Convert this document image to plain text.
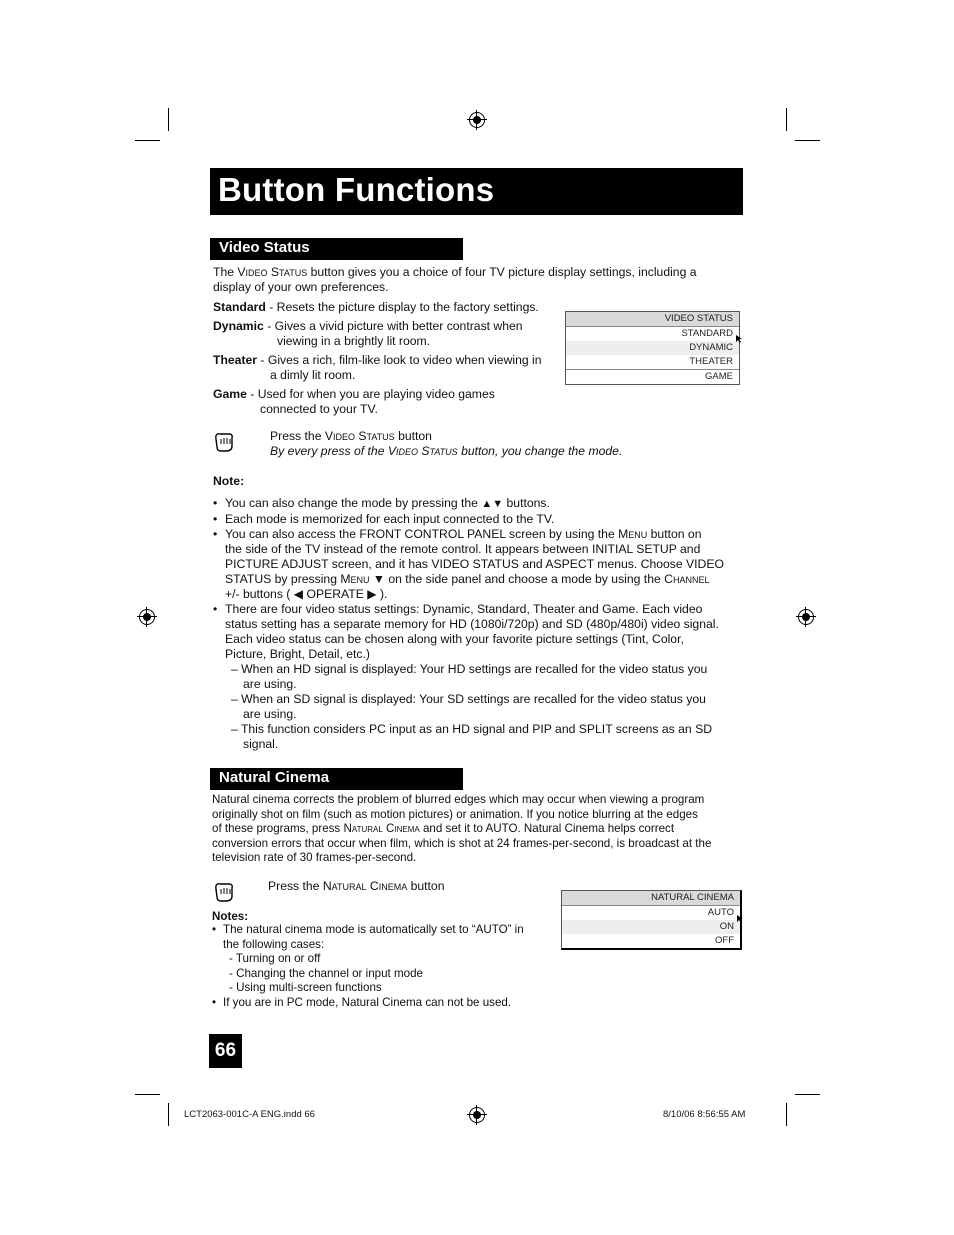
Button Functions
Video Status
The Video Status button gives you a choice of four TV picture display settings, including a display of your own preferences.
Standard - Resets the picture display to the factory settings.
Dynamic - Gives a vivid picture with better contrast when
viewing in a brightly lit room.
Theater - Gives a rich, film-like look to video when viewing in
a dimly lit room.
Game - Used for when you are playing video games
connected to your TV.
VIDEO STATUS
STANDARD
DYNAMIC
THEATER
GAME
Press the Video Status button
By every press of the Video Status button, you change the mode.
Note:
• You can also change the mode by pressing the ▲▼ buttons.
• Each mode is memorized for each input connected to the TV.
• You can also access the FRONT CONTROL PANEL screen by using the Menu button on
the side of the TV instead of the remote control. It appears between INITIAL SETUP and
PICTURE ADJUST screen, and it has VIDEO STATUS and ASPECT menus. Choose VIDEO
STATUS by pressing Menu ▼ on the side panel and choose a mode by using the Channel
+/- buttons ( ◀ OPERATE ▶ ).
• There are four video status settings: Dynamic, Standard, Theater and Game. Each video
status setting has a separate memory for HD (1080i/720p) and SD (480p/480i) video signal.
Each video status can be chosen along with your favorite picture settings (Tint, Color,
Picture, Bright, Detail, etc.)
– When an HD signal is displayed: Your HD settings are recalled for the video status you
are using.
– When an SD signal is displayed: Your SD settings are recalled for the video status you
are using.
– This function considers PC input as an HD signal and PIP and SPLIT screens as an SD
signal.
Natural Cinema
Natural cinema corrects the problem of blurred edges which may occur when viewing a program
originally shot on film (such as motion pictures) or animation. If you notice blurring at the edges
of these programs, press Natural Cinema and set it to AUTO. Natural Cinema helps correct
conversion errors that occur when film, which is shot at 24 frames-per-second, is broadcast at the
television rate of 30 frames-per-second.
Press the Natural Cinema button
NATURAL CINEMA
AUTO
ON
OFF
Notes:
• The natural cinema mode is automatically set to “AUTO” in
the following cases:
- Turning on or off
- Changing the channel or input mode
- Using multi-screen functions
• If you are in PC mode, Natural Cinema can not be used.
66
LCT2063-001C-A ENG.indd 66	8/10/06 8:56:55 AM
